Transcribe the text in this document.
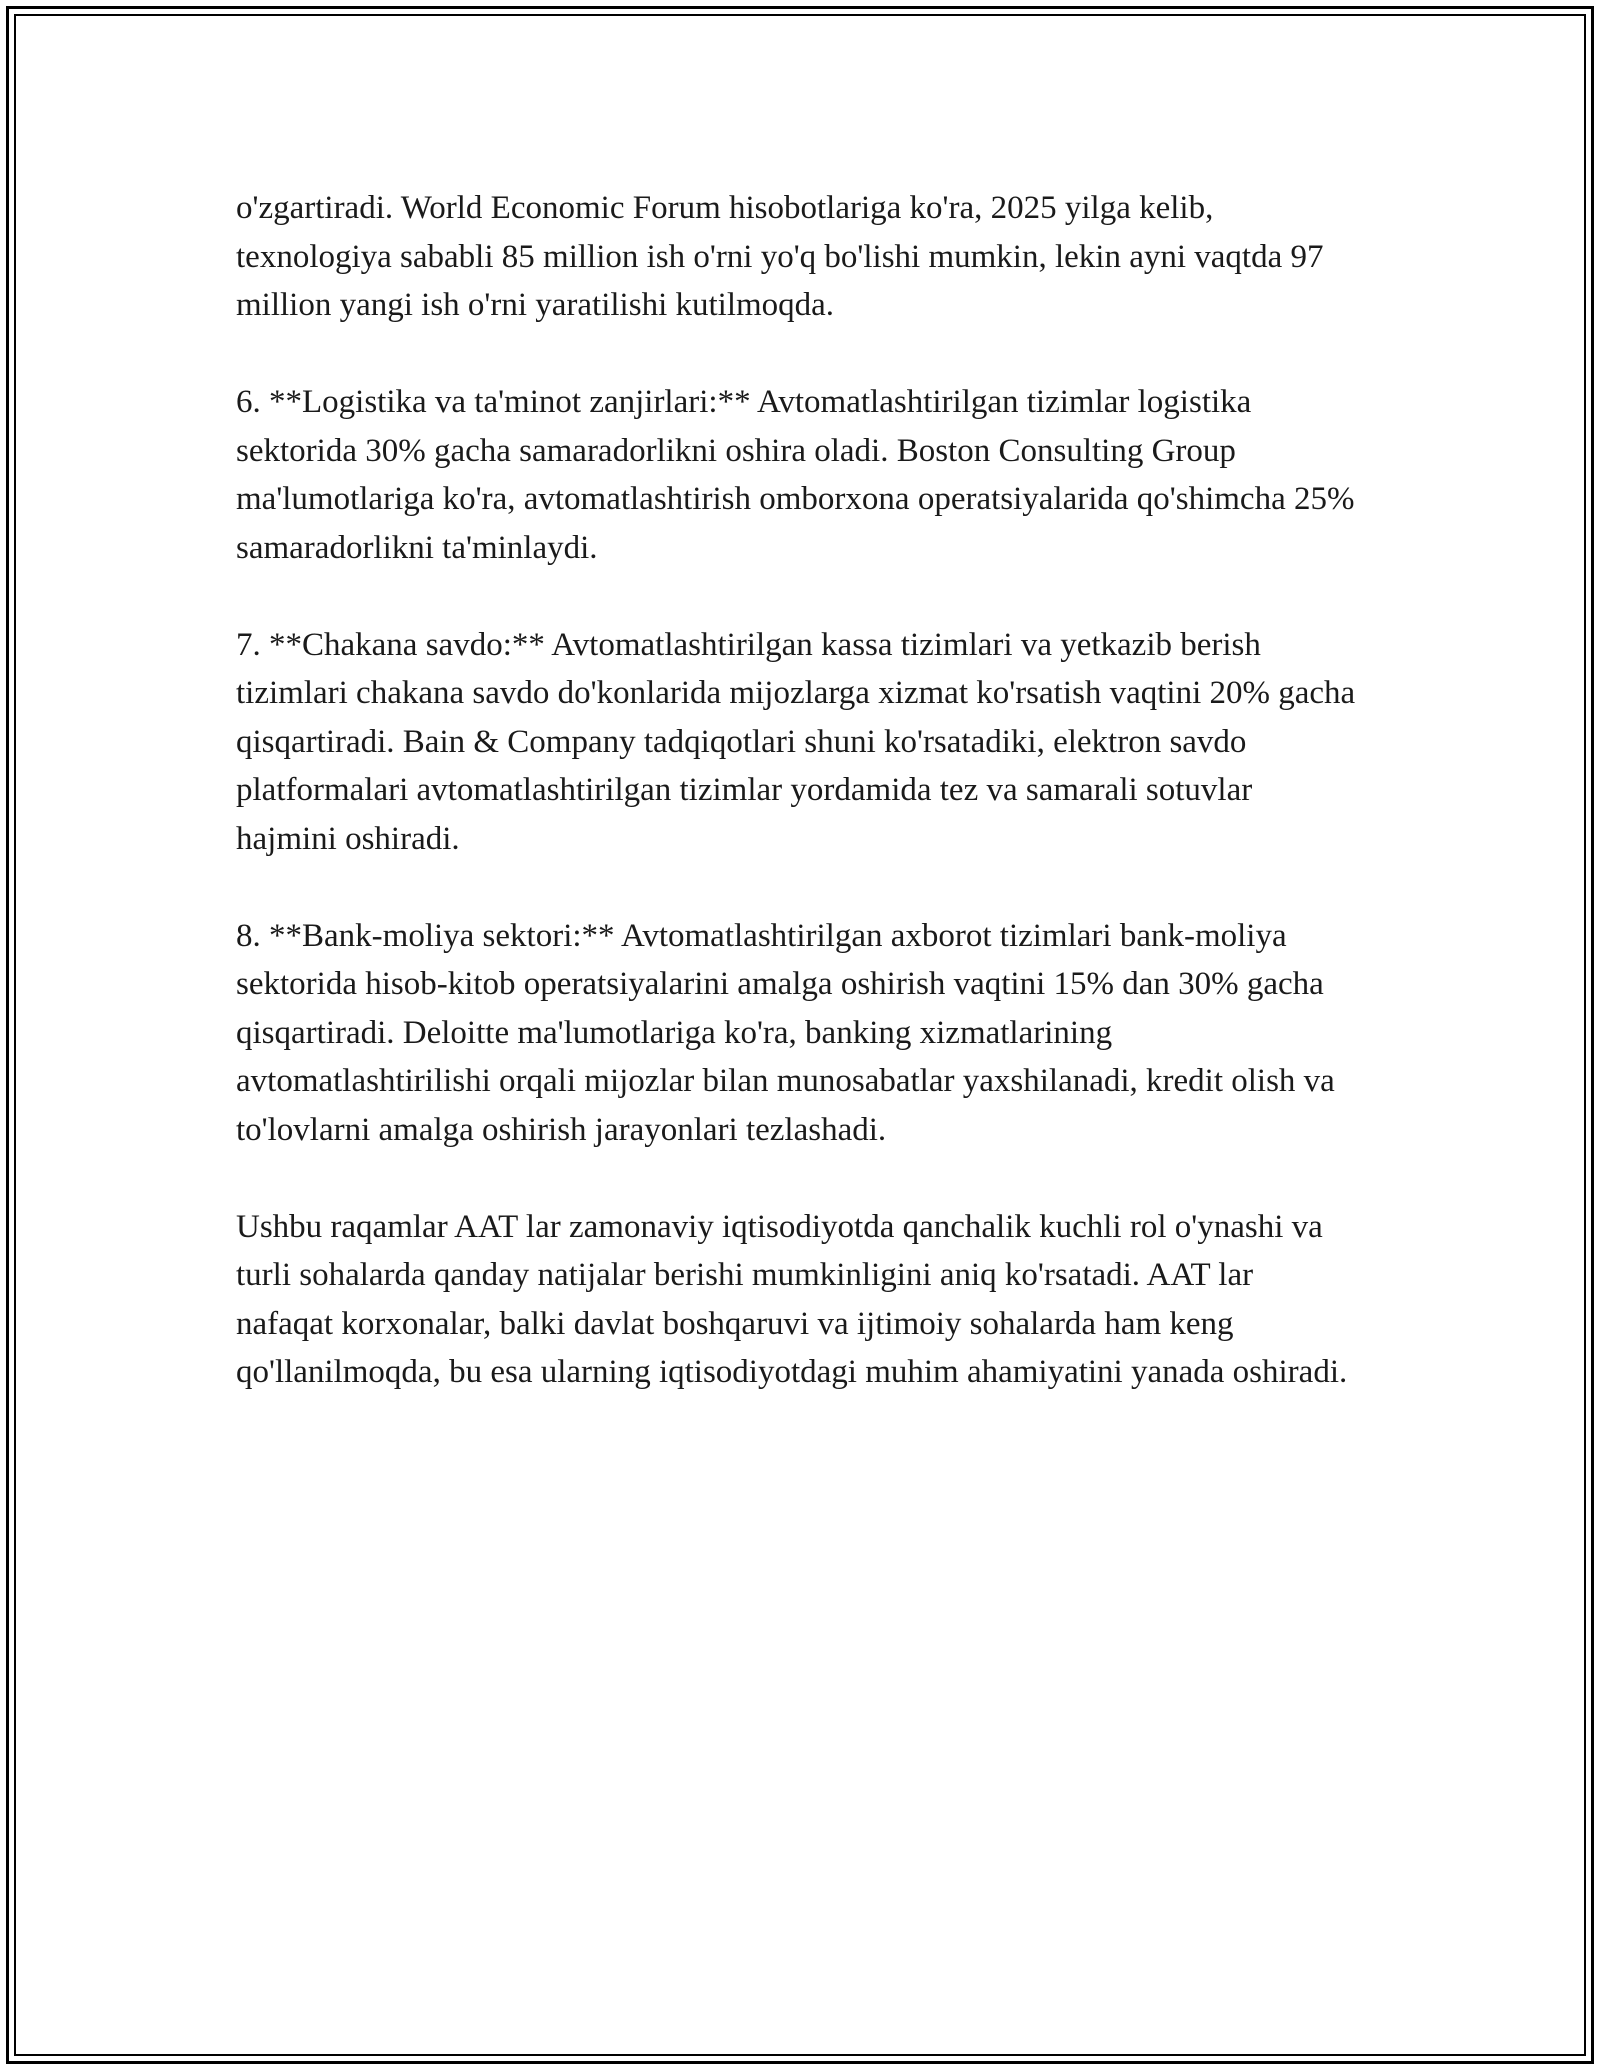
o'zgartiradi. World Economic Forum hisobotlariga ko'ra, 2025 yilga kelib, texnologiya sababli 85 million ish o'rni yo'q bo'lishi mumkin, lekin ayni vaqtda 97 million yangi ish o'rni yaratilishi kutilmoqda.

6. **Logistika va ta'minot zanjirlari:** Avtomatlashtirilgan tizimlar logistika sektorida 30% gacha samaradorlikni oshira oladi. Boston Consulting Group ma'lumotlariga ko'ra, avtomatlashtirish omborxona operatsiyalarida qo'shimcha 25% samaradorlikni ta'minlaydi.

7. **Chakana savdo:** Avtomatlashtirilgan kassa tizimlari va yetkazib berish tizimlari chakana savdo do'konlarida mijozlarga xizmat ko'rsatish vaqtini 20% gacha qisqartiradi. Bain & Company tadqiqotlari shuni ko'rsatadiki, elektron savdo platformalari avtomatlashtirilgan tizimlar yordamida tez va samarali sotuvlar hajmini oshiradi.

8. **Bank-moliya sektori:** Avtomatlashtirilgan axborot tizimlari bank-moliya sektorida hisob-kitob operatsiyalarini amalga oshirish vaqtini 15% dan 30% gacha qisqartiradi. Deloitte ma'lumotlariga ko'ra, banking xizmatlarining avtomatlashtirilishi orqali mijozlar bilan munosabatlar yaxshilanadi, kredit olish va to'lovlarni amalga oshirish jarayonlari tezlashadi.

Ushbu raqamlar AAT lar zamonaviy iqtisodiyotda qanchalik kuchli rol o'ynashi va turli sohalarda qanday natijalar berishi mumkinligini aniq ko'rsatadi. AAT lar nafaqat korxonalar, balki davlat boshqaruvi va ijtimoiy sohalarda ham keng qo'llanilmoqda, bu esa ularning iqtisodiyotdagi muhim ahamiyatini yanada oshiradi.
